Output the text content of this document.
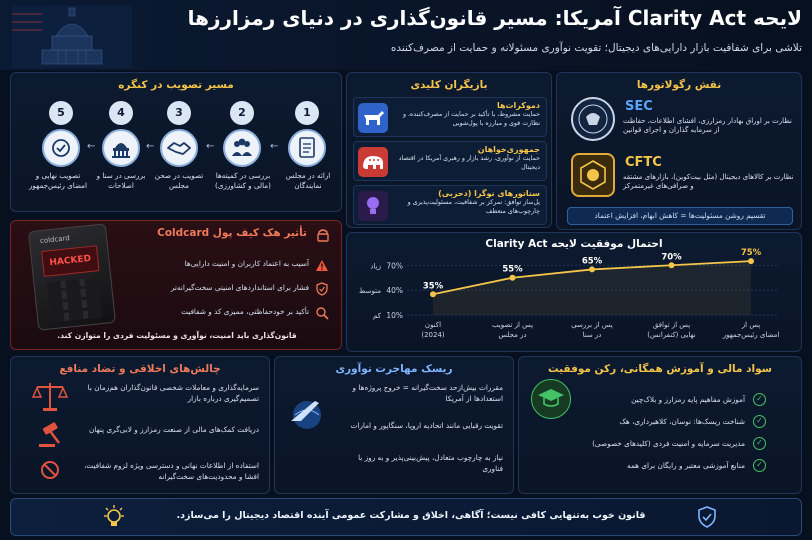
لایحه Clarity Act آمریکا: مسیر قانون‌گذاری در دنیای رمزارزها
تلاشی برای شفافیت بازار دارایی‌های دیجیتال؛ تقویت نوآوری مسئولانه و حمایت از مصرف‌کننده
مسیر تصویب در کنگره
1
2
3
4
5
←
←
←
←
ارائه در مجلس نمایندگان
بررسی در کمیته‌ها (مالی و کشاورزی)
تصویب در صحن مجلس
بررسی در سنا و اصلاحات
تصویب نهایی و امضای رئیس‌جمهور
بازیگران کلیدی
دموکرات‌ها
حمایت مشروط، با تأکید بر حمایت از مصرف‌کننده، و نظارت قوی و مبارزه با پول‌شویی
جمهوری‌خواهان
حمایت از نوآوری، رشد بازار و رهبری آمریکا در اقتصاد دیجیتال
سناتورهای نوگرا (دحزبی)
پل‌ساز توافق: تمرکز بر شفافیت، مسئولیت‌پذیری و چارچوب‌های منعطف
نقش رگولاتورها
SEC
نظارت بر اوراق بهادار رمزارزی، افشای اطلاعات، حفاظت از سرمایه گذاران و اجرای قوانین
CFTC
نظارت بر کالاهای دیجیتال (مثل بیت‌کوین)، بازارهای مشتقه و صرافی‌های غیرمتمرکز
تقسیم روشن مسئولیت‌ها = کاهش ابهام، افزایش اعتماد
تأثیر هک کیف پول Coldcard
coldcard
HACKED	آسیب به اعتماد کاربران و امنیت دارایی‌ها
فشار برای استانداردهای امنیتی سخت‌گیرانه‌تر
تأکید بر خودحفاظتی، ممیزی کد و شفافیت
قانون‌گذاری باید امنیت، نوآوری و مسئولیت فردی را متوازن کند.
احتمال موفقیت لایحه Clarity Act
10%
کم
40%
متوسط
70%
زیاد
35%
اکنون
(2024)
55%
پس از تصویب
در مجلس
65%
پس از بررسی
در سنا
70%
پس از توافق
نهایی (کنفرانس)
75%
پس از
امضای رئیس‌جمهور
چالش‌های اخلاقی و تضاد منافع
سرمایه‌گذاری و معاملات شخصی قانون‌گذاران هم‌زمان با تصمیم‌گیری درباره بازار
دریافت کمک‌های مالی از صنعت رمزارز و لابی‌گری پنهان
استفاده از اطلاعات نهانی و دسترسی ویژه لزوم شفافیت، افشا و محدودیت‌های سخت‌گیرانه
ریسک مهاجرت نوآوری
مقررات بیش‌ازحد سخت‌گیرانه = خروج پروژه‌ها و استعدادها از آمریکا
تقویت رقبایی مانند اتحادیه اروپا، سنگاپور و امارات
نیاز به چارچوب متعادل، پیش‌بینی‌پذیر و به روز با فناوری
سواد مالی و آموزش همگانی، رکن موفقیت
✓
آموزش مفاهیم پایه رمزارز و بلاک‌چین
✓
شناخت ریسک‌ها: نوسان، کلاهبرداری، هک
✓
مدیریت سرمایه و امنیت فردی (کلیدهای خصوصی)
✓
منابع آموزشی معتبر و رایگان برای همه
قانون خوب به‌تنهایی کافی نیست؛ آگاهی، اخلاق و مشارکت عمومی آینده اقتصاد دیجیتال را می‌سازد.
